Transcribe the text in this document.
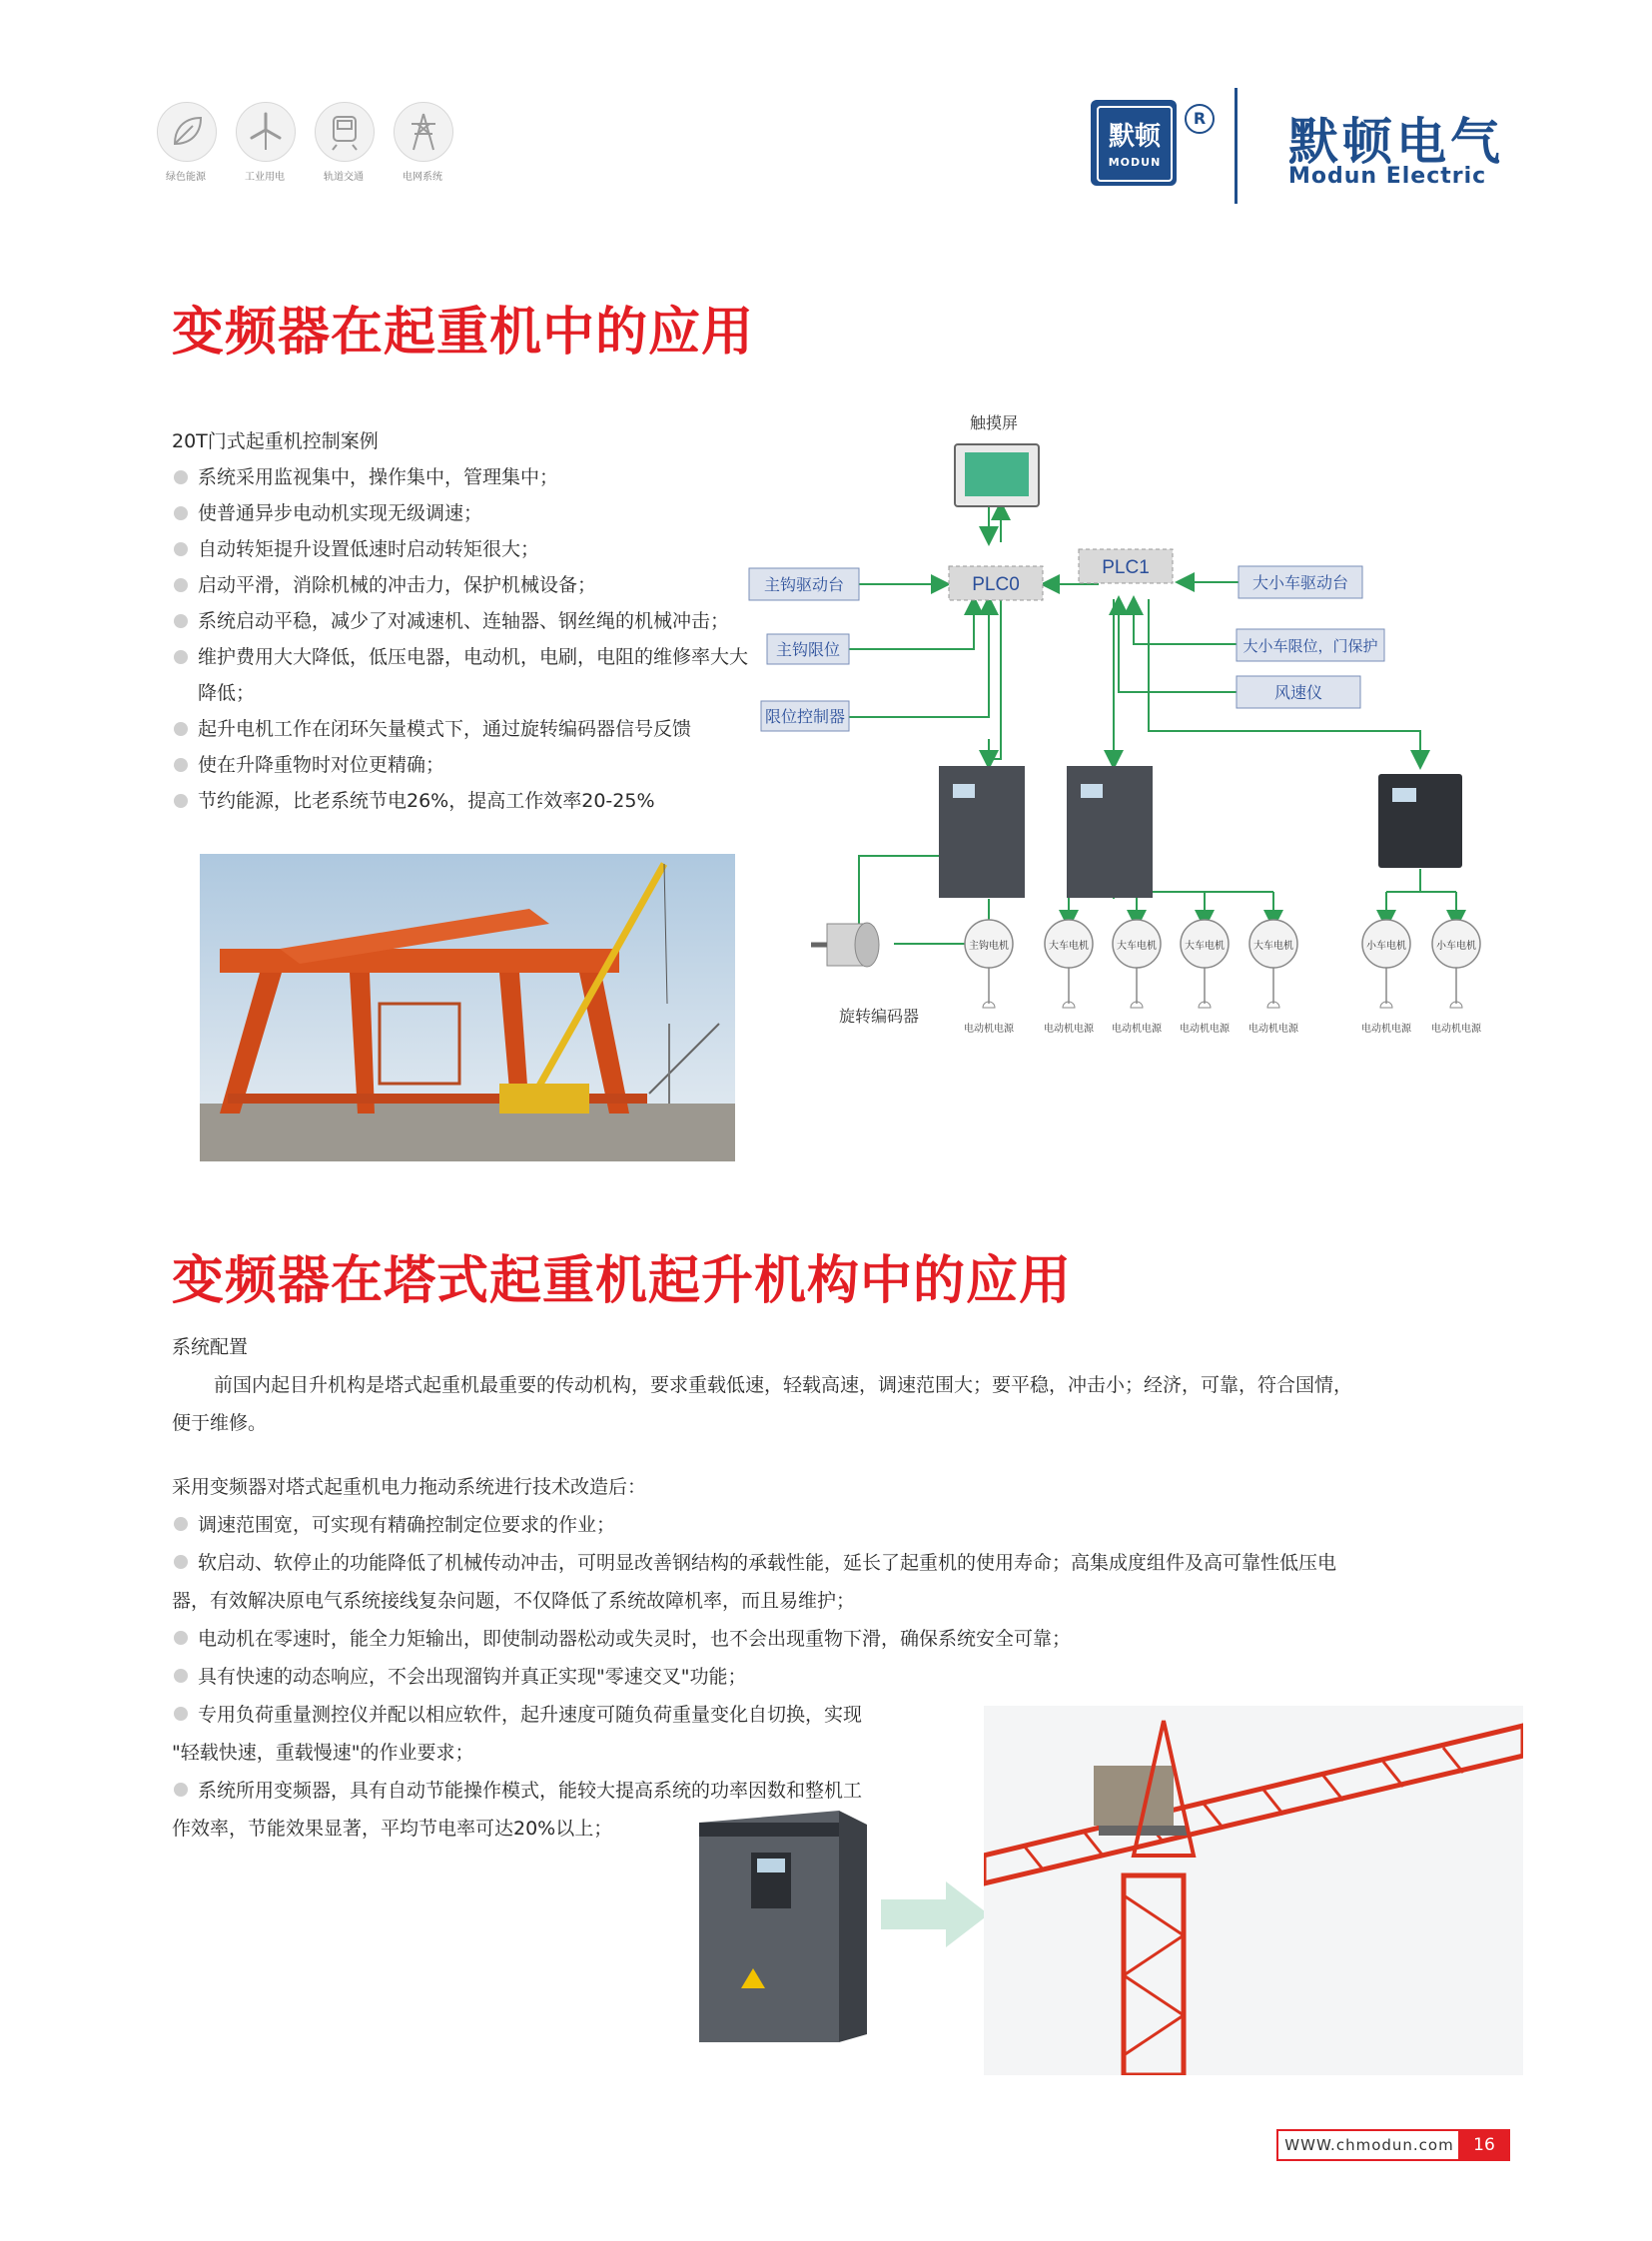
绿色能源	工业用电	轨道交通	电网系统
默顿
MODUN
R 默顿电气
Modun Electric
变频器在起重机中的应用
20T门式起重机控制案例
系统采用监视集中，操作集中，管理集中；
使普通异步电动机实现无级调速；
自动转矩提升设置低速时启动转矩很大；
启动平滑，消除机械的冲击力，保护机械设备；
系统启动平稳，减少了对减速机、连轴器、钢丝绳的机械冲击；
维护费用大大降低，低压电器，电动机，电刷，电阻的维修率大大降低；
起升电机工作在闭环矢量模式下，通过旋转编码器信号反馈
使在升降重物时对位更精确；
节约能源，比老系统节电26%，提高工作效率20-25%
触摸屏
PLC0
PLC1
主钩驱动台
主钩限位
限位控制器
大小车驱动台
大小车限位，门保护
风速仪
旋转编码器
主钩电机
电动机电源
大车电机
电动机电源
大车电机
电动机电源
大车电机
电动机电源
大车电机
电动机电源
小车电机
电动机电源
小车电机
电动机电源
变频器在塔式起重机起升机构中的应用
系统配置
前国内起目升机构是塔式起重机最重要的传动机构，要求重载低速，轻载高速，调速范围大；要平稳，冲击小；经济，可靠，符合国情，
便于维修。
采用变频器对塔式起重机电力拖动系统进行技术改造后：
调速范围宽，可实现有精确控制定位要求的作业；
软启动、软停止的功能降低了机械传动冲击，可明显改善钢结构的承载性能，延长了起重机的使用寿命；高集成度组件及高可靠性低压电
器，有效解决原电气系统接线复杂问题，不仅降低了系统故障机率，而且易维护；
电动机在零速时，能全力矩输出，即使制动器松动或失灵时，也不会出现重物下滑，确保系统安全可靠；
具有快速的动态响应，不会出现溜钩并真正实现"零速交叉"功能；
专用负荷重量测控仪并配以相应软件，起升速度可随负荷重量变化自切换，实现
"轻载快速，重载慢速"的作业要求；
系统所用变频器，具有自动节能操作模式，能较大提高系统的功率因数和整机工
作效率，节能效果显著，平均节电率可达20%以上；
WWW.chmodun.com	16
